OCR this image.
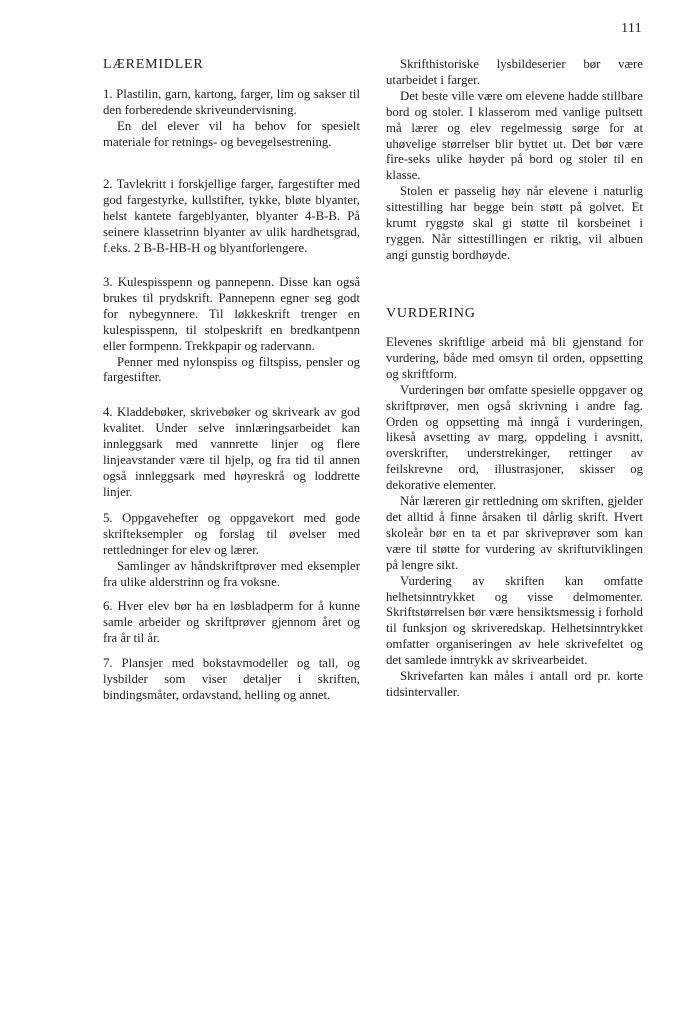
111
LÆREMIDLER

1. Plastilin, garn, kartong, farger, lim og sakser til den forberedende skriveundervisning.

En del elever vil ha behov for spesielt materiale for retnings- og bevegelsestrening.

2. Tavlekritt i forskjellige farger, fargestifter med god fargestyrke, kullstifter, tykke, bløte blyanter, helst kantete fargeblyanter, blyanter 4-B-B. På seinere klassetrinn blyanter av ulik hardhetsgrad, f.eks. 2 B-B-HB-H og blyantforlengere.

3. Kulespisspenn og pannepenn. Disse kan også brukes til prydskrift. Pannepenn egner seg godt for nybegynnere. Til løkkeskrift trenger en kulespisspenn, til stolpeskrift en bredkantpenn eller formpenn. Trekkpapir og radervann.

Penner med nylonspiss og filtspiss, pensler og fargestifter.

4. Kladdebøker, skrivebøker og skriveark av god kvalitet. Under selve innlæringsarbeidet kan innleggsark med vannrette linjer og flere linjeavstander være til hjelp, og fra tid til annen også innleggsark med høyreskrå og loddrette linjer.

5. Oppgavehefter og oppgavekort med gode skrifteksempler og forslag til øvelser med rettledninger for elev og lærer.

Samlinger av håndskriftprøver med eksempler fra ulike alderstrinn og fra voksne.

6. Hver elev bør ha en løsbladperm for å kunne samle arbeider og skriftprøver gjennom året og fra år til år.

7. Plansjer med bokstavmodeller og tall, og lysbilder som viser detaljer i skriften, bindingsmåter, ordavstand, helling og annet.

Skrifthistoriske lysbildeserier bør være utarbeidet i farger.

Det beste ville være om elevene hadde stillbare bord og stoler. I klasserom med vanlige pultsett må lærer og elev regelmessig sørge for at uhøvelige størrelser blir byttet ut. Det bør være fire-seks ulike høyder på bord og stoler til en klasse.

Stolen er passelig høy når elevene i naturlig sittestilling har begge bein støtt på golvet. Et krumt ryggstø skal gi støtte til korsbeinet i ryggen. Når sittestillingen er riktig, vil albuen angi gunstig bordhøyde.

VURDERING

Elevenes skriftlige arbeid må bli gjenstand for vurdering, både med omsyn til orden, oppsetting og skriftform.

Vurderingen bør omfatte spesielle oppgaver og skriftprøver, men også skrivning i andre fag. Orden og oppsetting må inngå i vurderingen, likeså avsetting av marg, oppdeling i avsnitt, overskrifter, understrekinger, rettinger av feilskrevne ord, illustrasjoner, skisser og dekorative elementer.

Når læreren gir rettledning om skriften, gjelder det alltid å finne årsaken til dårlig skrift. Hvert skoleår bør en ta et par skriveprøver som kan være til støtte for vurdering av skriftutviklingen på lengre sikt.

Vurdering av skriften kan omfatte helhetsinntrykket og visse delmomenter. Skriftstørrelsen bør være hensiktsmessig i forhold til funksjon og skriveredskap. Helhetsinntrykket omfatter organiseringen av hele skrivefeltet og det samlede inntrykk av skrivearbeidet.

Skrivefarten kan måles i antall ord pr. korte tidsintervaller.
